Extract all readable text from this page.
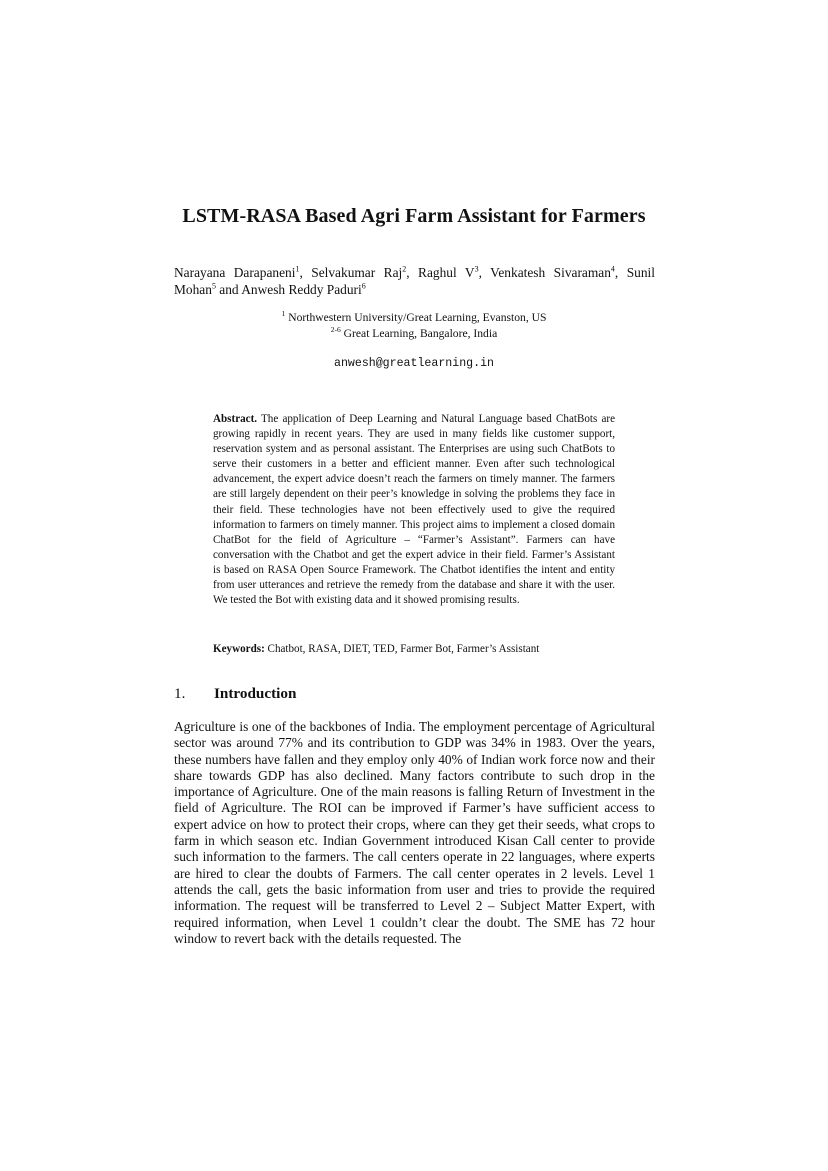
LSTM-RASA Based Agri Farm Assistant for Farmers
Narayana Darapaneni$^1$, Selvakumar Raj$^2$, Raghul $V^3$, Venkatesh Sivaraman$^4$, Sunil Mohan$^5$ and Anwesh Reddy Paduri$^6$
$^1$ Northwestern University/Great Learning, Evanston, US
$^{2-6}$ Great Learning, Bangalore, India
anwesh@greatlearning.in
Abstract. The application of Deep Learning and Natural Language based ChatBots are growing rapidly in recent years. They are used in many fields like customer support, reservation system and as personal assistant. The Enterprises are using such ChatBots to serve their customers in a better and efficient manner. Even after such technological advancement, the expert advice doesn’t reach the farmers on timely manner. The farmers are still largely dependent on their peer’s knowledge in solving the problems they face in their field. These technologies have not been effectively used to give the required information to farmers on timely manner. This project aims to implement a closed domain ChatBot for the field of Agriculture – “Farmer’s Assistant”. Farmers can have conversation with the Chatbot and get the expert advice in their field. Farmer’s Assistant is based on RASA Open Source Framework. The Chatbot identifies the intent and entity from user utterances and retrieve the remedy from the database and share it with the user. We tested the Bot with existing data and it showed promising results.
Keywords: Chatbot, RASA, DIET, TED, Farmer Bot, Farmer’s Assistant
1. Introduction
Agriculture is one of the backbones of India. The employment percentage of Agricultural sector was around 77% and its contribution to GDP was 34% in 1983. Over the years, these numbers have fallen and they employ only 40% of Indian work force now and their share towards GDP has also declined. Many factors contribute to such drop in the importance of Agriculture. One of the main reasons is falling Return of Investment in the field of Agriculture. The ROI can be improved if Farmer’s have sufficient access to expert advice on how to protect their crops, where can they get their seeds, what crops to farm in which season etc. Indian Government introduced Kisan Call center to provide such information to the farmers. The call centers operate in 22 languages, where experts are hired to clear the doubts of Farmers. The call center operates in 2 levels. Level 1 attends the call, gets the basic information from user and tries to provide the required information. The request will be transferred to Level 2 – Subject Matter Expert, with required information, when Level 1 couldn’t clear the doubt. The SME has 72 hour window to revert back with the details requested. The
